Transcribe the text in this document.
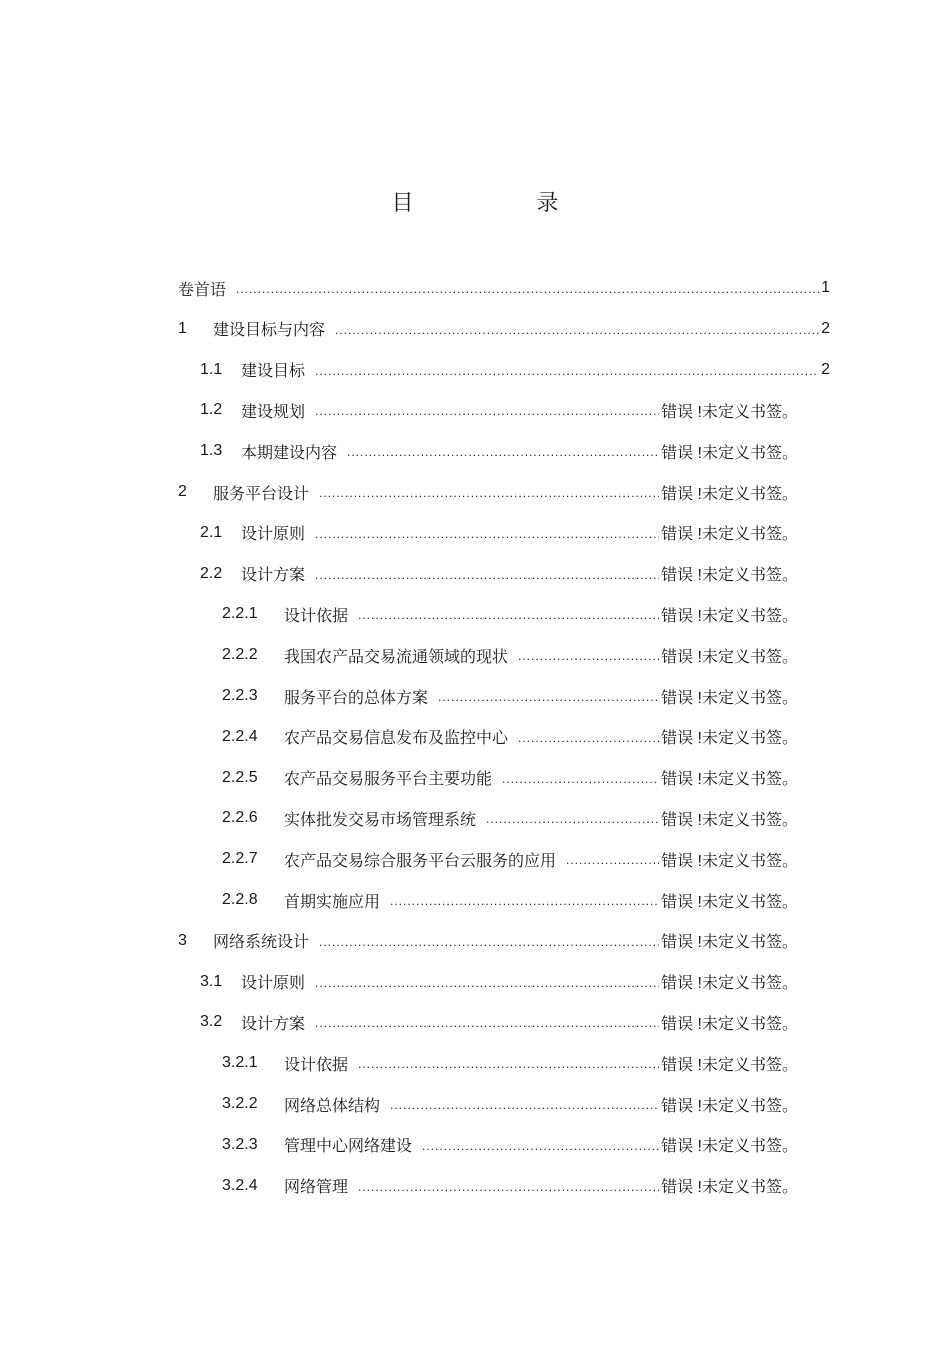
目 录
卷首语 .....	1
1	建设目标与内容 .....	2
1.1	建设目标 .....	2
1.2	建设规划 .....	错误 !未定义书签。
1.3	本期建设内容 .....	错误 !未定义书签。
2	服务平台设计 .....	错误 !未定义书签。
2.1	设计原则 .....	错误 !未定义书签。
2.2	设计方案 .....	错误 !未定义书签。
2.2.1	设计依据 .....	错误 !未定义书签。
2.2.2	我国农产品交易流通领域的现状 .....	错误 !未定义书签。
2.2.3	服务平台的总体方案 .....	错误 !未定义书签。
2.2.4	农产品交易信息发布及监控中心 .....	错误 !未定义书签。
2.2.5	农产品交易服务平台主要功能 .....	错误 !未定义书签。
2.2.6	实体批发交易市场管理系统 .....	错误 !未定义书签。
2.2.7	农产品交易综合服务平台云服务的应用 .....	错误 !未定义书签。
2.2.8	首期实施应用 .....	错误 !未定义书签。
3	网络系统设计 .....	错误 !未定义书签。
3.1	设计原则 .....	错误 !未定义书签。
3.2	设计方案 .....	错误 !未定义书签。
3.2.1	设计依据 .....	错误 !未定义书签。
3.2.2	网络总体结构 .....	错误 !未定义书签。
3.2.3	管理中心网络建设 .....	错误 !未定义书签。
3.2.4	网络管理 .....	错误 !未定义书签。
